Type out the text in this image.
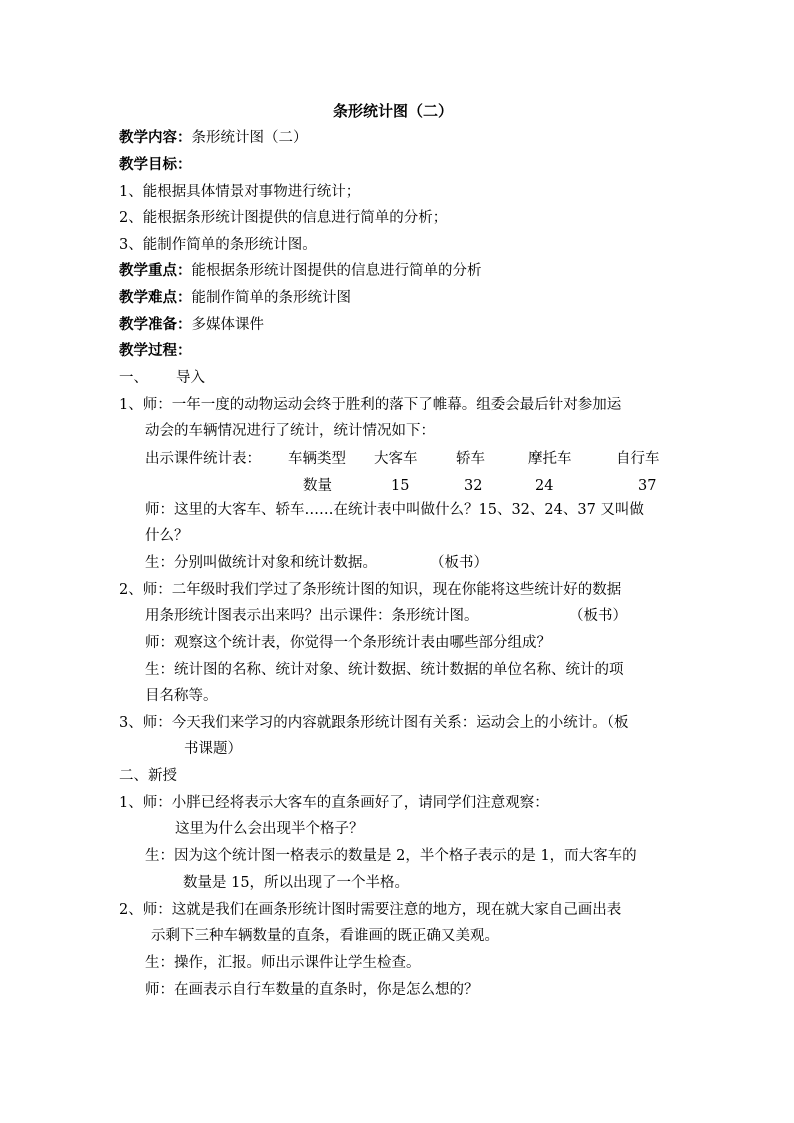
条形统计图（二）
教学内容：条形统计图（二）
教学目标：
1、能根据具体情景对事物进行统计；
2、能根据条形统计图提供的信息进行简单的分析；
3、能制作简单的条形统计图。
教学重点：能根据条形统计图提供的信息进行简单的分析
教学难点：能制作简单的条形统计图
教学准备：多媒体课件
教学过程：
一、 导入
1、师：一年一度的动物运动会终于胜利的落下了帷幕。组委会最后针对参加运
动会的车辆情况进行了统计，统计情况如下：
出示课件统计表： 车辆类型 大客车	轿车	摩托车	自行车
数量	15	32	24	37
师：这里的大客车、轿车……在统计表中叫做什么？15、32、24、37 又叫做
什么？
生：分别叫做统计对象和统计数据。	（板书）
2、师：二年级时我们学过了条形统计图的知识，现在你能将这些统计好的数据
用条形统计图表示出来吗？出示课件：条形统计图。	（板书）
师：观察这个统计表，你觉得一个条形统计表由哪些部分组成？
生：统计图的名称、统计对象、统计数据、统计数据的单位名称、统计的项
目名称等。
3、师：今天我们来学习的内容就跟条形统计图有关系：运动会上的小统计。（板
书课题）
二、新授
1、师：小胖已经将表示大客车的直条画好了，请同学们注意观察：
这里为什么会出现半个格子？
生：因为这个统计图一格表示的数量是 2，半个格子表示的是 1，而大客车的
数量是 15，所以出现了一个半格。
2、师：这就是我们在画条形统计图时需要注意的地方，现在就大家自己画出表
示剩下三种车辆数量的直条，看谁画的既正确又美观。
生：操作，汇报。师出示课件让学生检查。
师：在画表示自行车数量的直条时，你是怎么想的？
